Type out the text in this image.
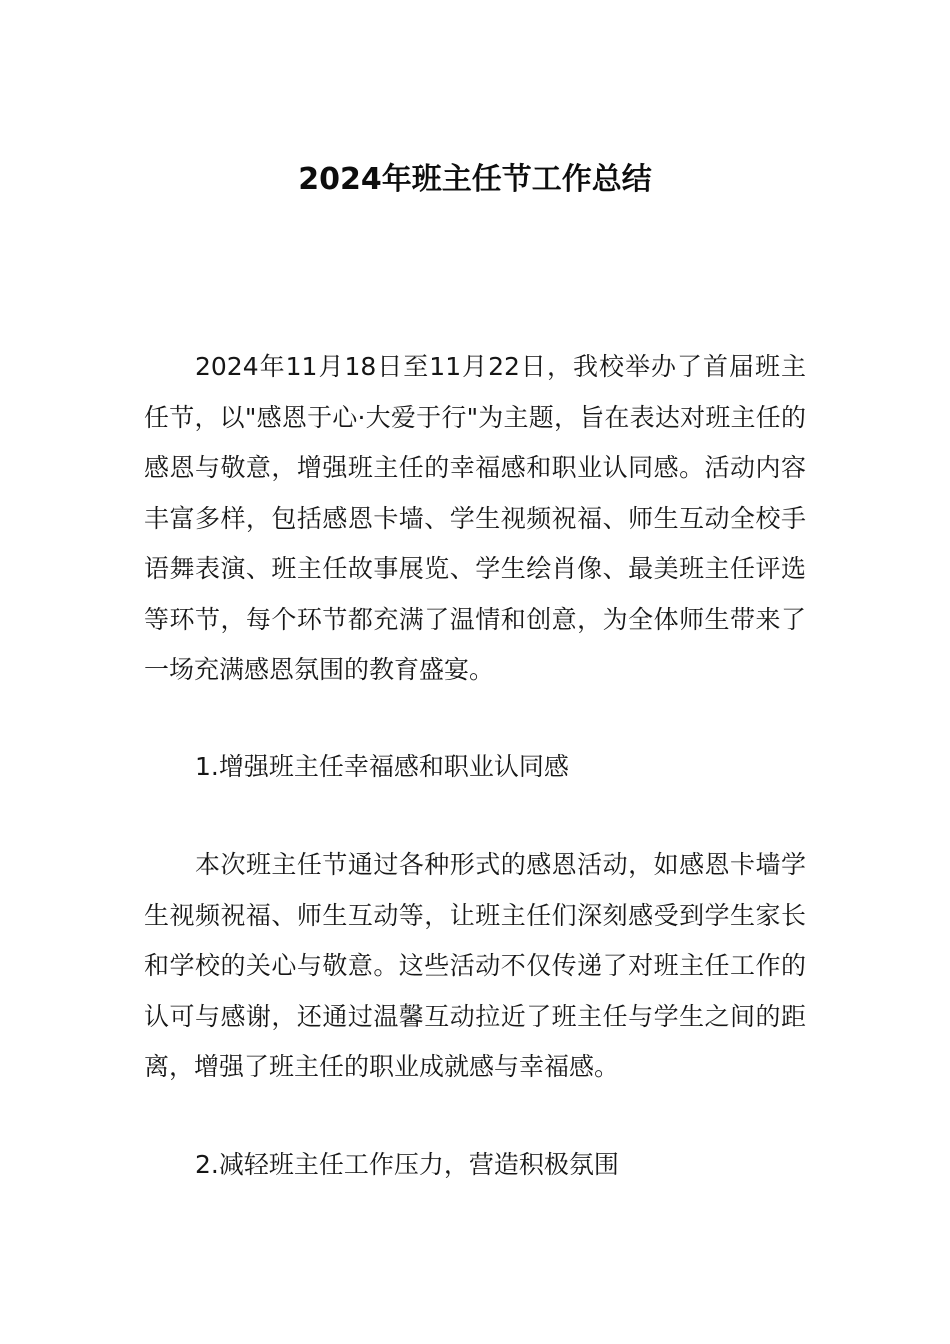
2024年班主任节工作总结
2024年11月18日至11月22日，我校举办了首届班主任节，以"感恩于心·大爱于行"为主题，旨在表达对班主任的感恩与敬意，增强班主任的幸福感和职业认同感。活动内容丰富多样，包括感恩卡墙、学生视频祝福、师生互动全校手语舞表演、班主任故事展览、学生绘肖像、最美班主任评选等环节，每个环节都充满了温情和创意，为全体师生带来了一场充满感恩氛围的教育盛宴。
1.增强班主任幸福感和职业认同感
本次班主任节通过各种形式的感恩活动，如感恩卡墙学生视频祝福、师生互动等，让班主任们深刻感受到学生家长和学校的关心与敬意。这些活动不仅传递了对班主任工作的认可与感谢，还通过温馨互动拉近了班主任与学生之间的距离，增强了班主任的职业成就感与幸福感。
2.减轻班主任工作压力，营造积极氛围
